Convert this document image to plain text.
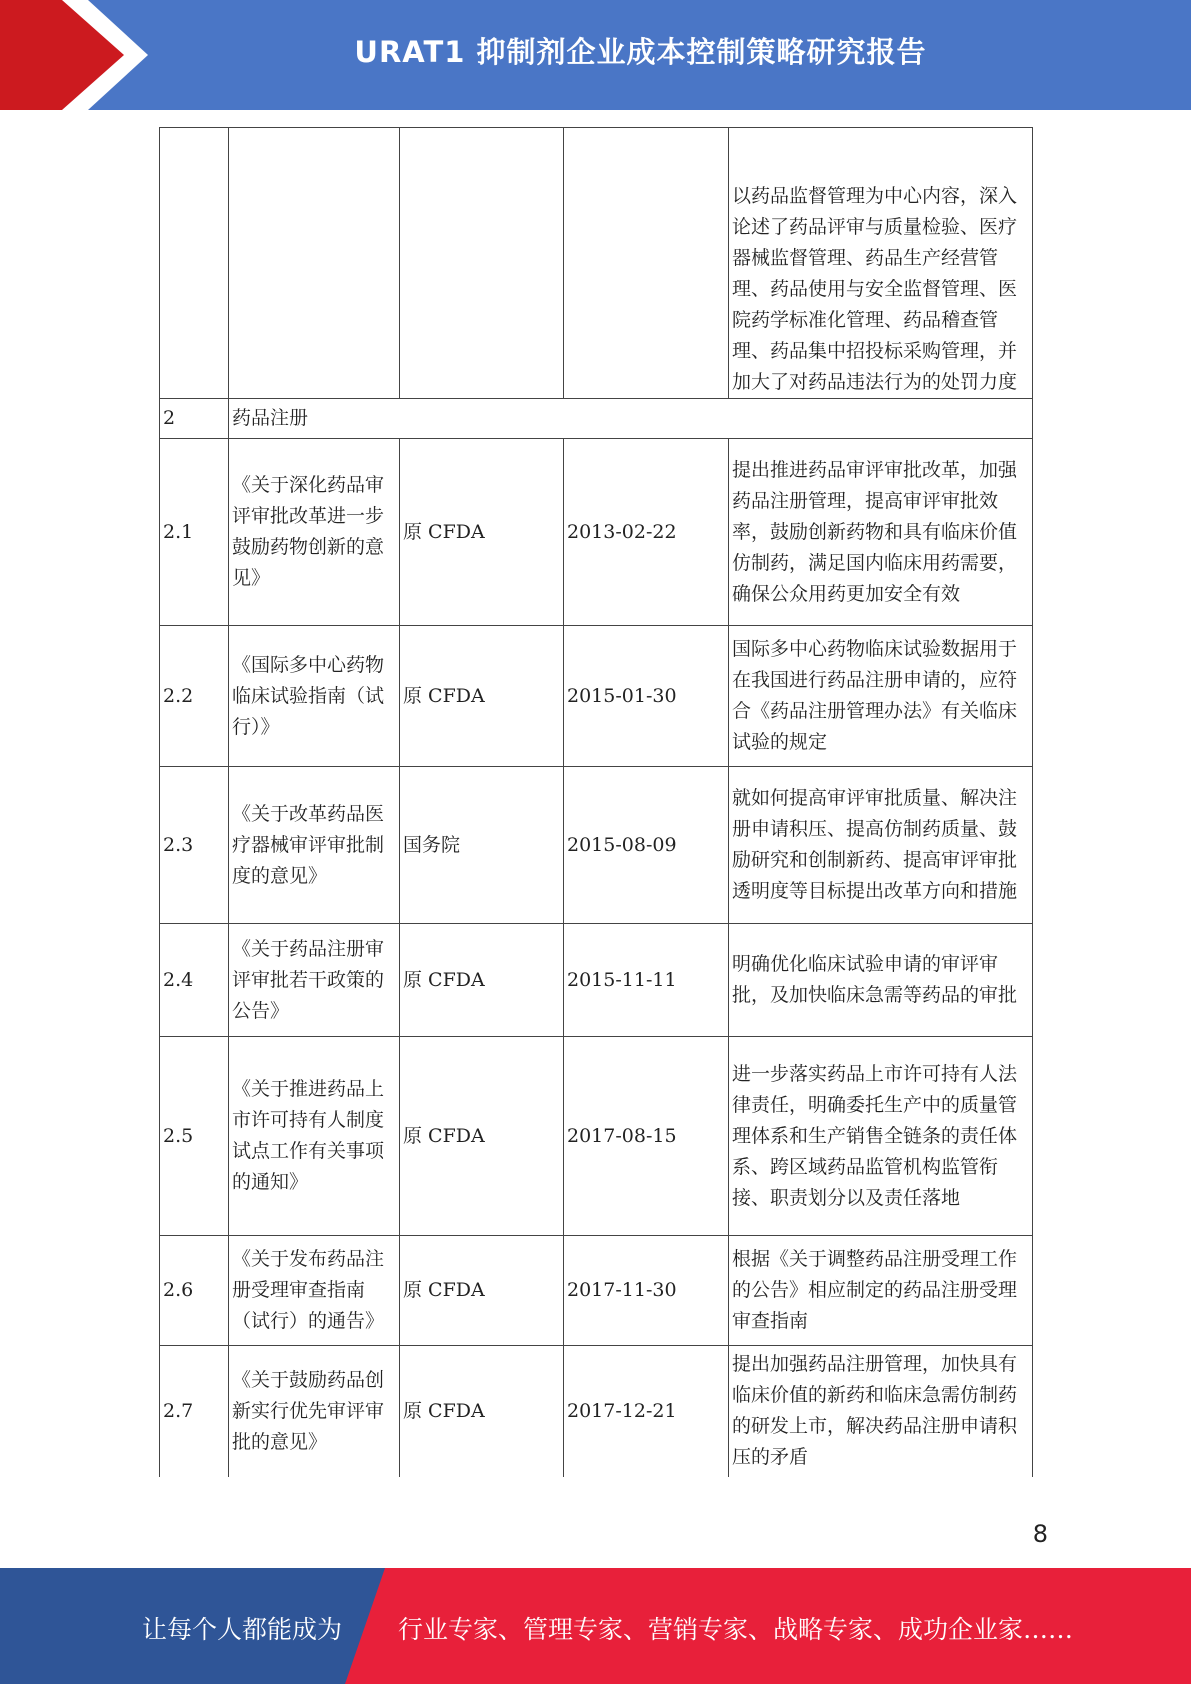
URAT1 抑制剂企业成本控制策略研究报告
				以药品监督管理为中心内容，深入论述了药品评审与质量检验、医疗器械监督管理、药品生产经营管理、药品使用与安全监督管理、医院药学标准化管理、药品稽查管理、药品集中招投标采购管理，并加大了对药品违法行为的处罚力度
2	药品注册			
2.1	《关于深化药品审评审批改革进一步鼓励药物创新的意见》	原 CFDA	2013-02-22	提出推进药品审评审批改革，加强药品注册管理，提高审评审批效率，鼓励创新药物和具有临床价值仿制药，满足国内临床用药需要，确保公众用药更加安全有效
2.2	《国际多中心药物临床试验指南（试行）》	原 CFDA	2015-01-30	国际多中心药物临床试验数据用于在我国进行药品注册申请的，应符合《药品注册管理办法》有关临床试验的规定
2.3	《关于改革药品医疗器械审评审批制度的意见》	国务院	2015-08-09	就如何提高审评审批质量、解决注册申请积压、提高仿制药质量、鼓励研究和创制新药、提高审评审批透明度等目标提出改革方向和措施
2.4	《关于药品注册审评审批若干政策的公告》	原 CFDA	2015-11-11	明确优化临床试验申请的审评审批，及加快临床急需等药品的审批
2.5	《关于推进药品上市许可持有人制度试点工作有关事项的通知》	原 CFDA	2017-08-15	进一步落实药品上市许可持有人法律责任，明确委托生产中的质量管理体系和生产销售全链条的责任体系、跨区域药品监管机构监管衔接、职责划分以及责任落地
2.6	《关于发布药品注册受理审查指南（试行）的通告》	原 CFDA	2017-11-30	根据《关于调整药品注册受理工作的公告》相应制定的药品注册受理审查指南
2.7	《关于鼓励药品创新实行优先审评审批的意见》	原 CFDA	2017-12-21	提出加强药品注册管理，加快具有临床价值的新药和临床急需仿制药的研发上市，解决药品注册申请积压的矛盾
8
让每个人都能成为 行业专家、管理专家、营销专家、战略专家、成功企业家……
